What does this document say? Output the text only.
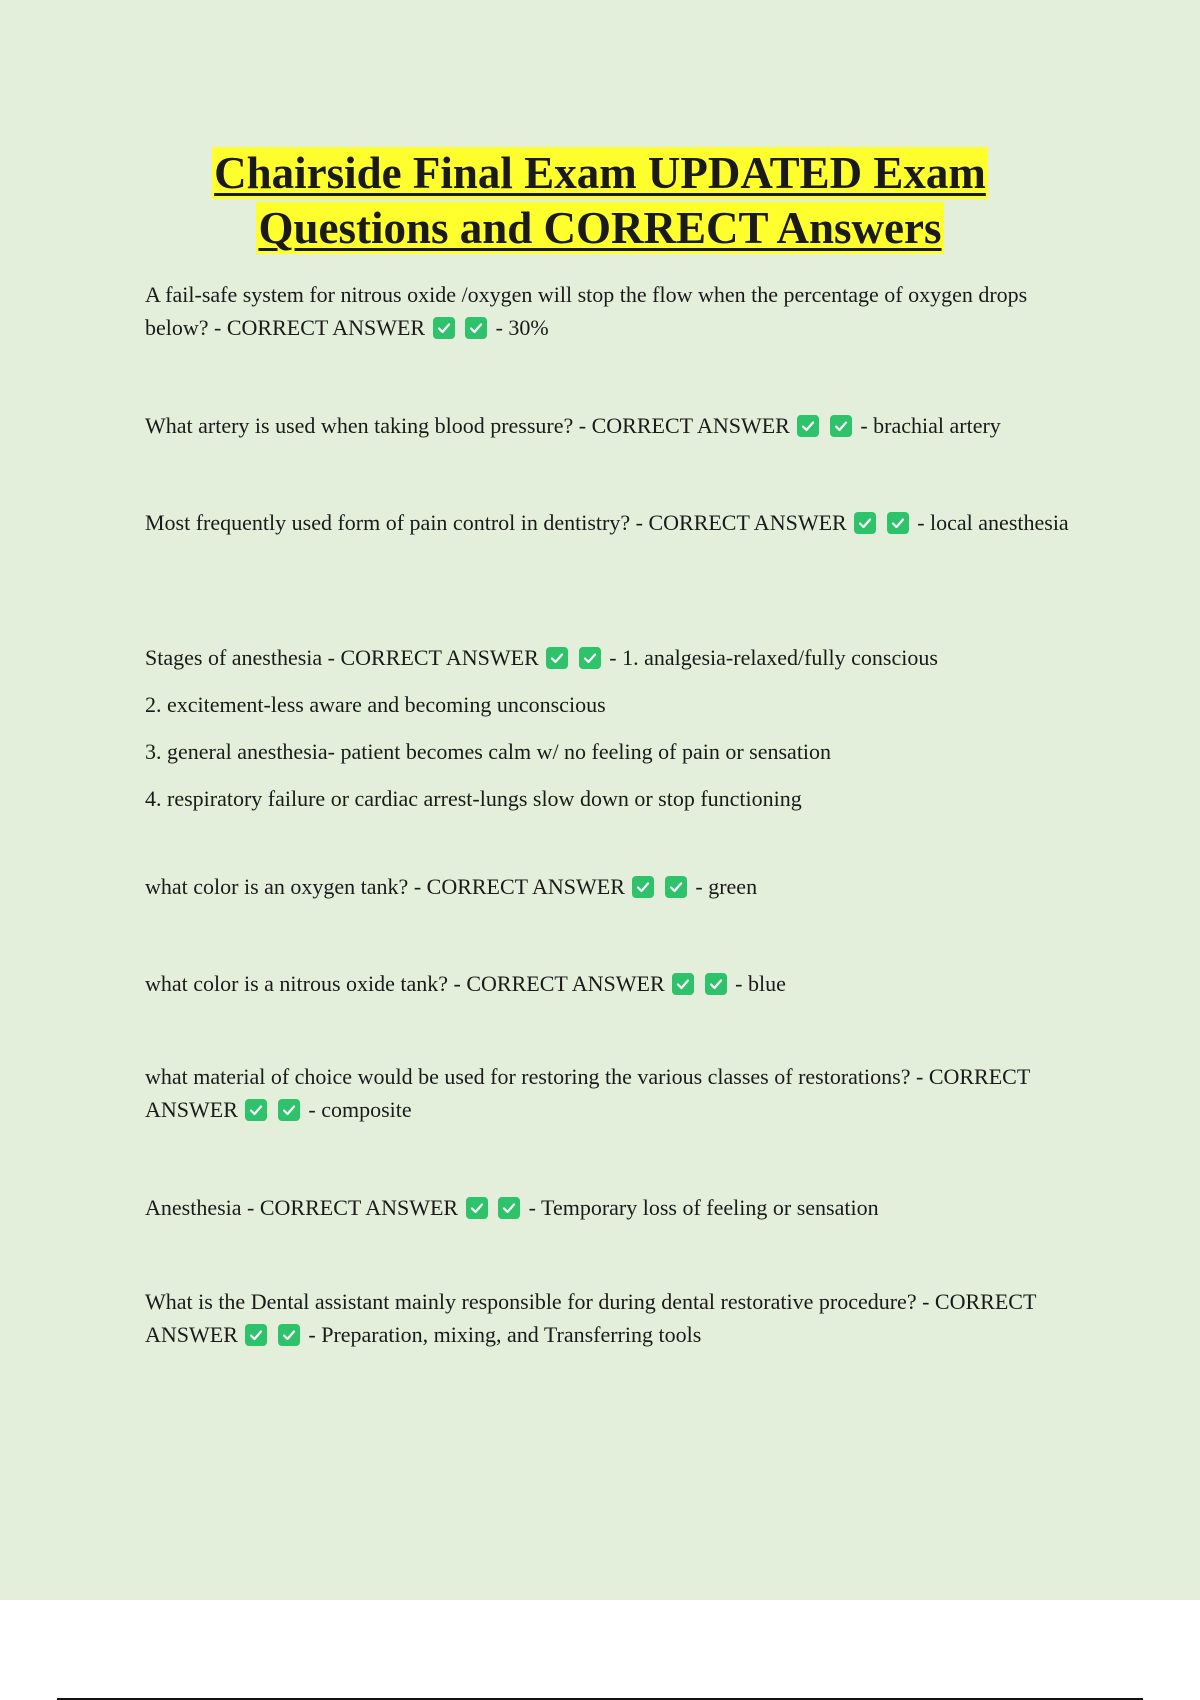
Chairside Final Exam UPDATED Exam
Questions and CORRECT Answers
A fail-safe system for nitrous oxide /oxygen will stop the flow when the percentage of oxygen drops below? - CORRECT ANSWER
	- 30%
What artery is used when taking blood pressure? - CORRECT ANSWER
	- brachial artery
Most frequently used form of pain control in dentistry? - CORRECT ANSWER
	- local anesthesia
Stages of anesthesia - CORRECT ANSWER
	- 1. analgesia-relaxed/fully conscious
2. excitement-less aware and becoming unconscious
3. general anesthesia- patient becomes calm w/ no feeling of pain or sensation
4. respiratory failure or cardiac arrest-lungs slow down or stop functioning
what color is an oxygen tank? - CORRECT ANSWER
	- green
what color is a nitrous oxide tank? - CORRECT ANSWER
	- blue
what material of choice would be used for restoring the various classes of restorations? - CORRECT ANSWER
	- composite
Anesthesia - CORRECT ANSWER
	- Temporary loss of feeling or sensation
What is the Dental assistant mainly responsible for during dental restorative procedure? - CORRECT ANSWER
	- Preparation, mixing, and Transferring tools
